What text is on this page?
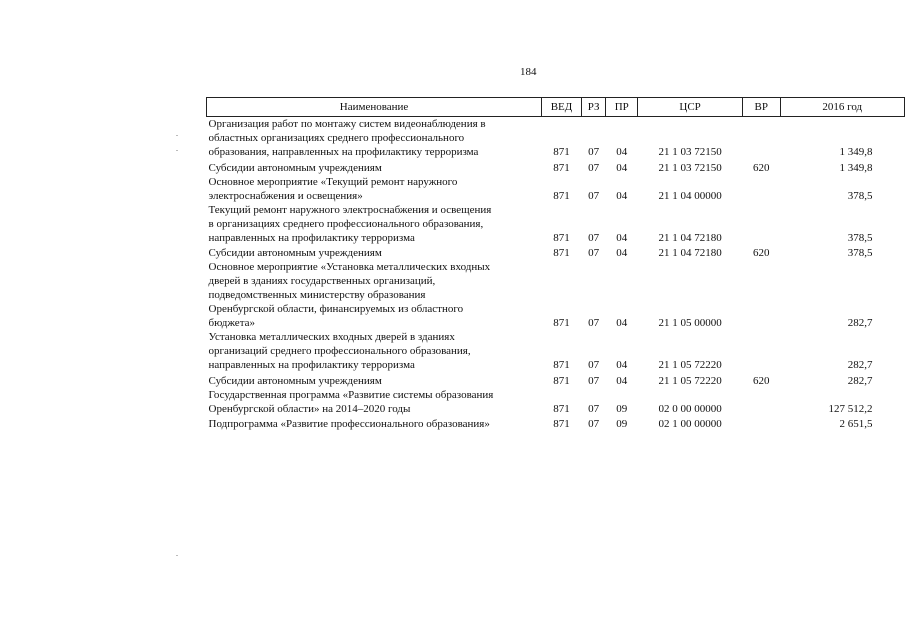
184
Наименование	ВЕД	РЗ	ПР	ЦСР	ВР	2016 год

Организация работ по монтажу систем видеонаблюдения в
областных организациях среднего профессионального
образования, направленных на профилактику терроризма	871	07	04	21 1 03 72150		1 349,8

Субсидии автономным учреждениям	871	07	04	21 1 03 72150	620	1 349,8

Основное мероприятие «Текущий ремонт наружного
электроснабжения и освещения»	871	07	04	21 1 04 00000		378,5

Текущий ремонт наружного электроснабжения и освещения
в организациях среднего профессионального образования,
направленных на профилактику терроризма	871	07	04	21 1 04 72180		378,5

Субсидии автономным учреждениям	871	07	04	21 1 04 72180	620	378,5

Основное мероприятие «Установка металлических входных
дверей в зданиях государственных организаций,
подведомственных министерству образования
Оренбургской области, финансируемых из областного
бюджета»	871	07	04	21 1 05 00000		282,7

Установка металлических входных дверей в зданиях
организаций среднего профессионального образования,
направленных на профилактику терроризма	871	07	04	21 1 05 72220		282,7

Субсидии автономным учреждениям	871	07	04	21 1 05 72220	620	282,7

Государственная программа «Развитие системы образования
Оренбургской области» на 2014–2020 годы	871	07	09	02 0 00 00000		127 512,2

Подпрограмма «Развитие профессионального образования»	871	07	09	02 1 00 00000		2 651,5
